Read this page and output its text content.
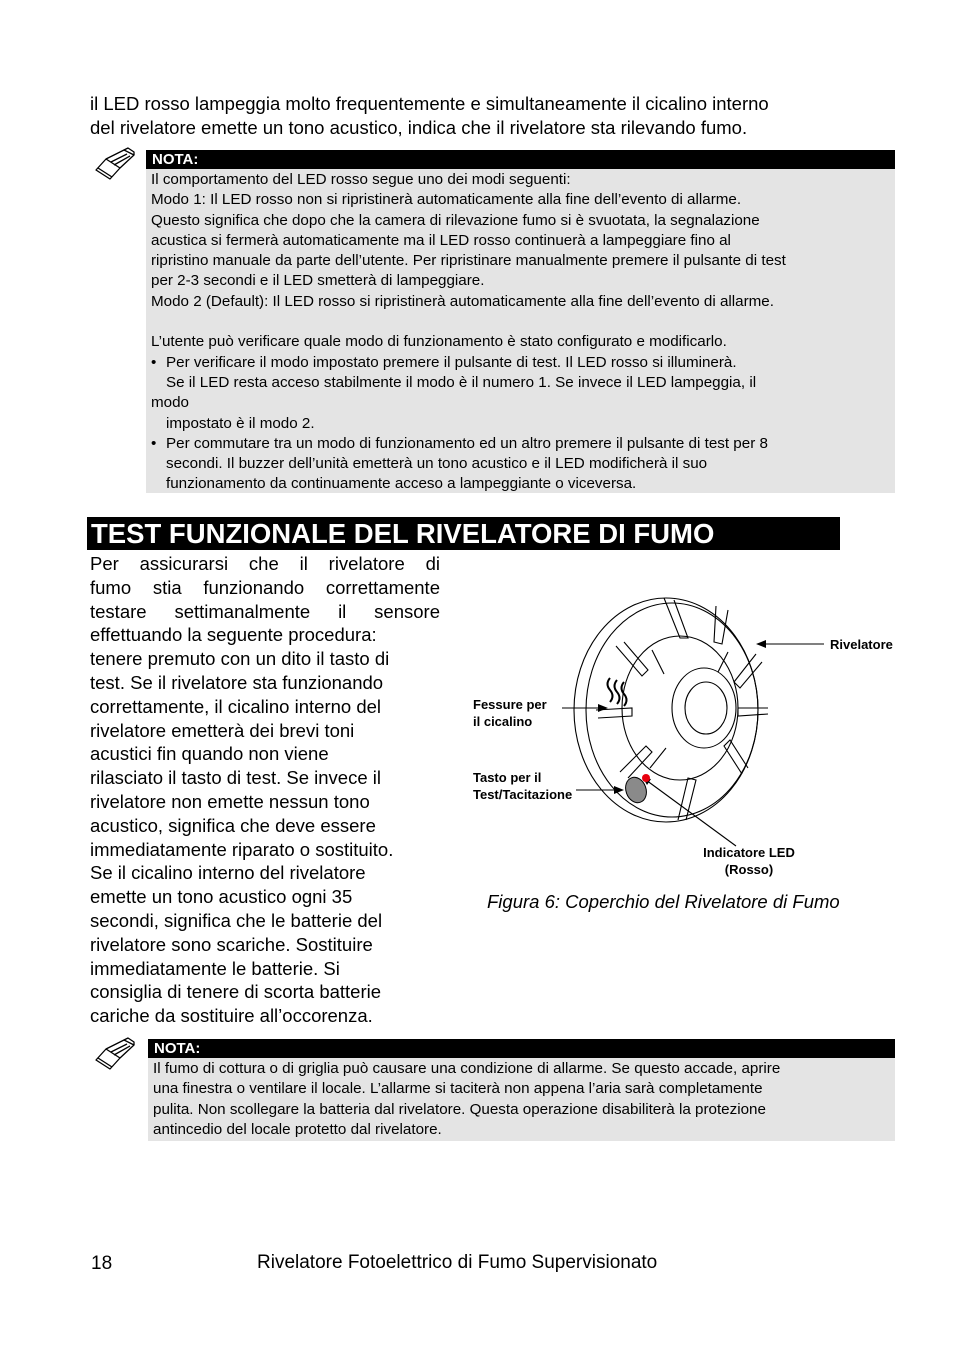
il LED rosso lampeggia molto frequentemente e simultaneamente il cicalino interno
del rivelatore emette un tono acustico, indica che il rivelatore sta rilevando fumo.
NOTA:

Il comportamento del LED rosso segue uno dei modi seguenti:

Modo 1: Il LED rosso non si ripristinerà automaticamente alla fine dell’evento di allarme.

Questo significa che dopo che la camera di rilevazione fumo si è svuotata, la segnalazione

acustica si fermerà automaticamente ma il LED rosso continuerà a lampeggiare fino al

ripristino manuale da parte dell’utente. Per ripristinare manualmente premere il pulsante di test

per 2-3 secondi e il LED smetterà di lampeggiare.

Modo 2 (Default): Il LED rosso si ripristinerà automaticamente alla fine dell’evento di allarme.

L’utente può verificare quale modo di funzionamento è stato configurato e modificarlo.

• Per verificare il modo impostato premere il pulsante di test. Il LED rosso si illuminerà.
Se il LED resta acceso stabilmente il modo è il numero 1. Se invece il LED lampeggia, il

modo

impostato è il modo 2.

• Per commutare tra un modo di funzionamento ed un altro premere il pulsante di test per 8
secondi. Il buzzer dell’unità emetterà un tono acustico e il LED modificherà il suo
funzionamento da continuamente acceso a lampeggiante o viceversa.
TEST FUNZIONALE DEL RIVELATORE DI FUMO
Per assicurarsi che il rivelatore di
fumo stia funzionando correttamente
testare settimanalmente il sensore
effettuando la seguente procedura:
tenere premuto con un dito il tasto di
test. Se il rivelatore sta funzionando
correttamente, il cicalino interno del
rivelatore emetterà dei brevi toni
acustici fin quando non viene
rilasciato il tasto di test. Se invece il
rivelatore non emette nessun tono
acustico, significa che deve essere
immediatamente riparato o sostituito.
Se il cicalino interno del rivelatore
emette un tono acustico ogni 35
secondi, significa che le batterie del
rivelatore sono scariche. Sostituire
immediatamente le batterie. Si
consiglia di tenere di scorta batterie
cariche da sostituire all’occorenza.
Rivelatore
Fessure per
il cicalino
Tasto per il
Test/Tacitazione
Indicatore LED
(Rosso)
Figura 6: Coperchio del Rivelatore di Fumo
NOTA:

Il fumo di cottura o di griglia può causare una condizione di allarme. Se questo accade, aprire

una finestra o ventilare il locale. L’allarme si taciterà non appena l’aria sarà completamente

pulita. Non scollegare la batteria dal rivelatore. Questa operazione disabiliterà la protezione

antincedio del locale protetto dal rivelatore.

18	Rivelatore Fotoelettrico di Fumo Supervisionato
